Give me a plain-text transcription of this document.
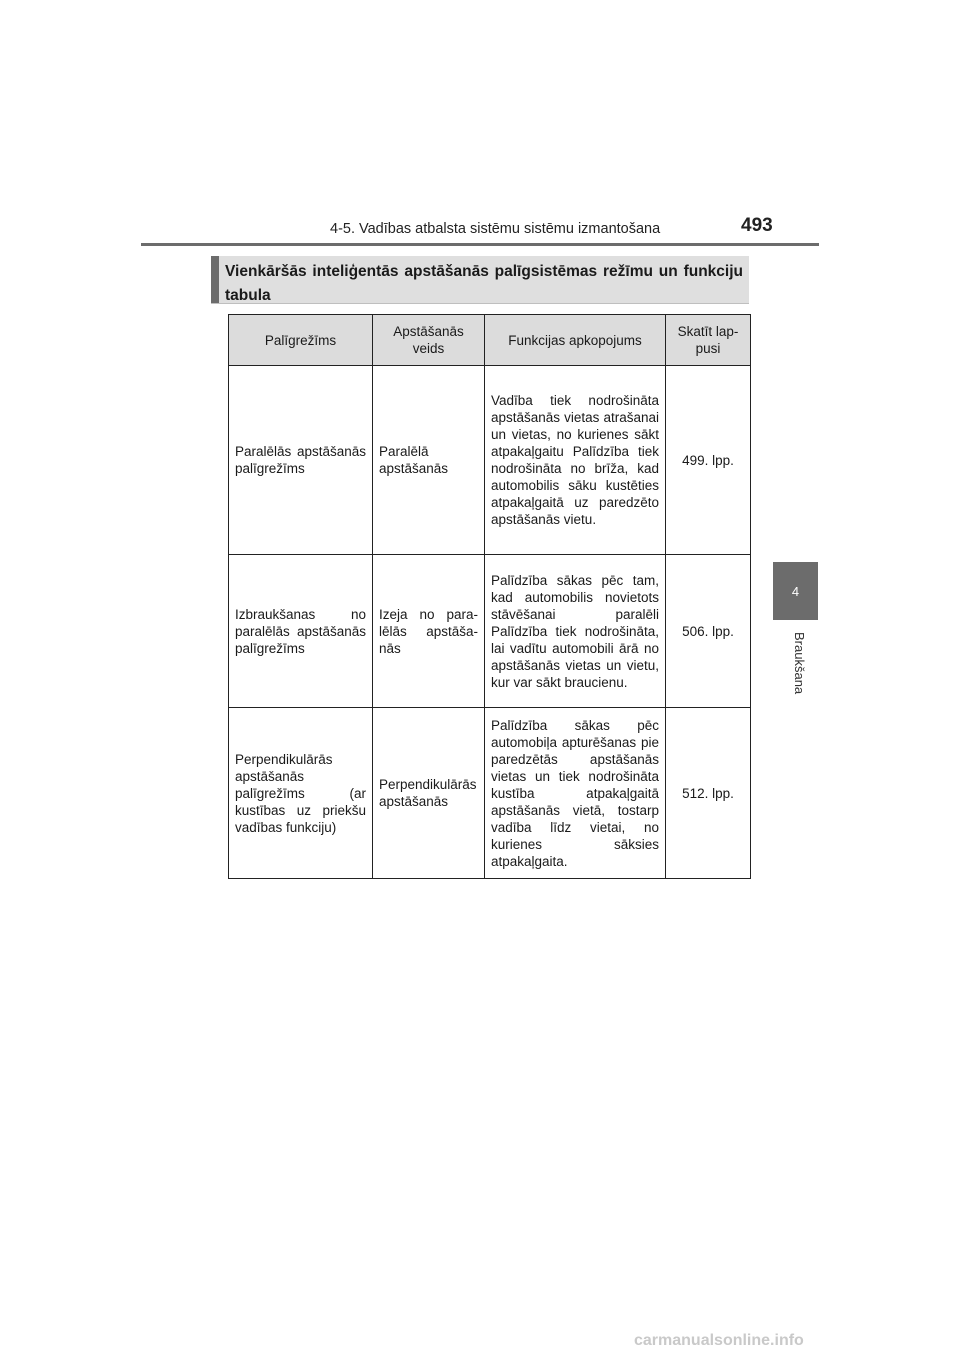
4-5. Vadības atbalsta sistēmu sistēmu izmantošana	493
4
Braukšana
Vienkāršās inteliģentās apstāšanās palīgsistēmas režīmu un funkciju tabula
Palīgrežīms	Apstāšanās veids	Funkcijas apkopojums	Skatīt lappusi
Paralēlās apstāšanās palīgrežīms	Paralēlā apstāšanās	Vadība tiek nodrošināta apstāšanās vietas atrašanai un vietas, no kurienes sākt atpakaļgaitu Palīdzība tiek nodrošināta no brīža, kad automobilis sāku kustēties atpakaļgaitā uz paredzēto apstāšanās vietu.	499. lpp.
Izbraukšanas no paralēlās apstāšanās palīgrežīms	Izeja no paralēlās apstāšanās	Palīdzība sākas pēc tam, kad automobilis novietots stāvēšanai paralēli Palīdzība tiek nodrošināta, lai vadītu automobili ārā no apstāšanās vietas un vietu, kur var sākt braucienu.	506. lpp.
Perpendikulārās apstāšanās palīgrežīms (ar kustības uz priekšu vadības funkciju)	Perpendikulārās apstāšanās	Palīdzība sākas pēc automobiļa apturēšanas pie paredzētās apstāšanās vietas un tiek nodrošināta kustība atpakaļgaitā apstāšanās vietā, tostarp vadība līdz vietai, no kurienes sāksies atpakaļgaita.	512. lpp.
carmanualsonline.info
